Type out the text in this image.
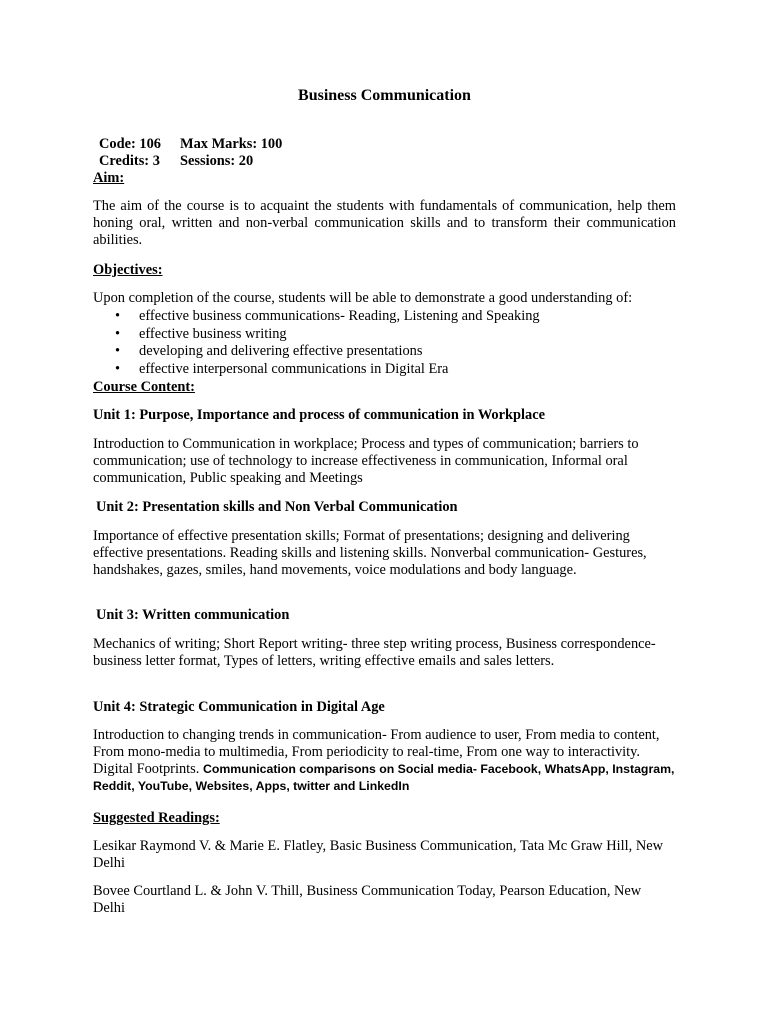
Business Communication
Code: 106 Max Marks: 100
Credits: 3 Sessions: 20
Aim:

The aim of the course is to acquaint the students with fundamentals of communication, help them honing oral, written and non-verbal communication skills and to transform their communication abilities.

Objectives:

Upon completion of the course, students will be able to demonstrate a good understanding of:

• effective business communications- Reading, Listening and Speaking
• effective business writing
• developing and delivering effective presentations
• effective interpersonal communications in Digital Era
Course Content:
Unit 1: Purpose, Importance and process of communication in Workplace

Introduction to Communication in workplace; Process and types of communication; barriers to communication; use of technology to increase effectiveness in communication, Informal oral communication, Public speaking and Meetings

Unit 2: Presentation skills and Non Verbal Communication

Importance of effective presentation skills; Format of presentations; designing and delivering effective presentations. Reading skills and listening skills. Nonverbal communication- Gestures, handshakes, gazes, smiles, hand movements, voice modulations and body language.

Unit 3: Written communication

Mechanics of writing; Short Report writing- three step writing process, Business correspondence-business letter format, Types of letters, writing effective emails and sales letters.

Unit 4: Strategic Communication in Digital Age

Introduction to changing trends in communication- From audience to user, From media to content, From mono-media to multimedia, From periodicity to real-time, From one way to interactivity. Digital Footprints. Communication comparisons on Social media- Facebook, WhatsApp, Instagram, Reddit, YouTube, Websites, Apps, twitter and LinkedIn

Suggested Readings:

Lesikar Raymond V. & Marie E. Flatley, Basic Business Communication, Tata Mc Graw Hill, New Delhi

Bovee Courtland L. & John V. Thill, Business Communication Today, Pearson Education, New Delhi
